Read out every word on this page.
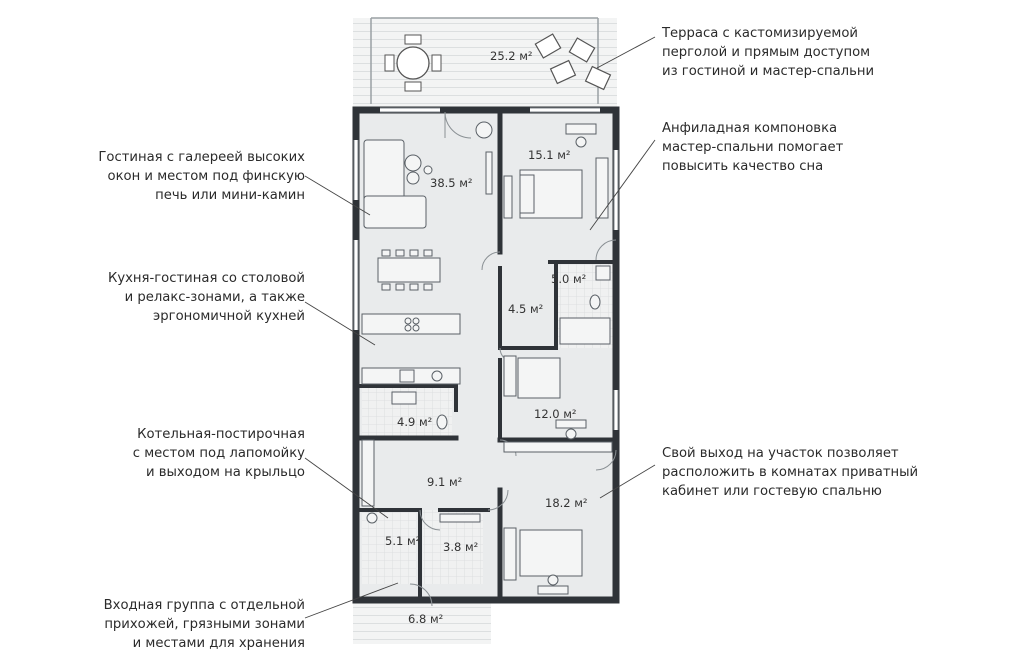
25.2 м²
38.5 м²
15.1 м²
5.0 м²
4.5 м²
12.0 м²
4.9 м²
9.1 м²
18.2 м²
5.1 м² 3.8 м²
6.8 м²
Гостиная с галереей высоких
окон и местом под финскую
печь или мини-камин
Кухня-гостиная со столовой
и релакс-зонами, а также
эргономичной кухней
Котельная-постирочная
с местом под лапомойку
и выходом на крыльцо
Входная группа с отдельной
прихожей, грязными зонами
и местами для хранения
Терраса с кастомизируемой
перголой и прямым доступом
из гостиной и мастер-спальни
Анфиладная компоновка
мастер-спальни помогает
повысить качество сна
Свой выход на участок позволяет
расположить в комнатах приватный
кабинет или гостевую спальню
